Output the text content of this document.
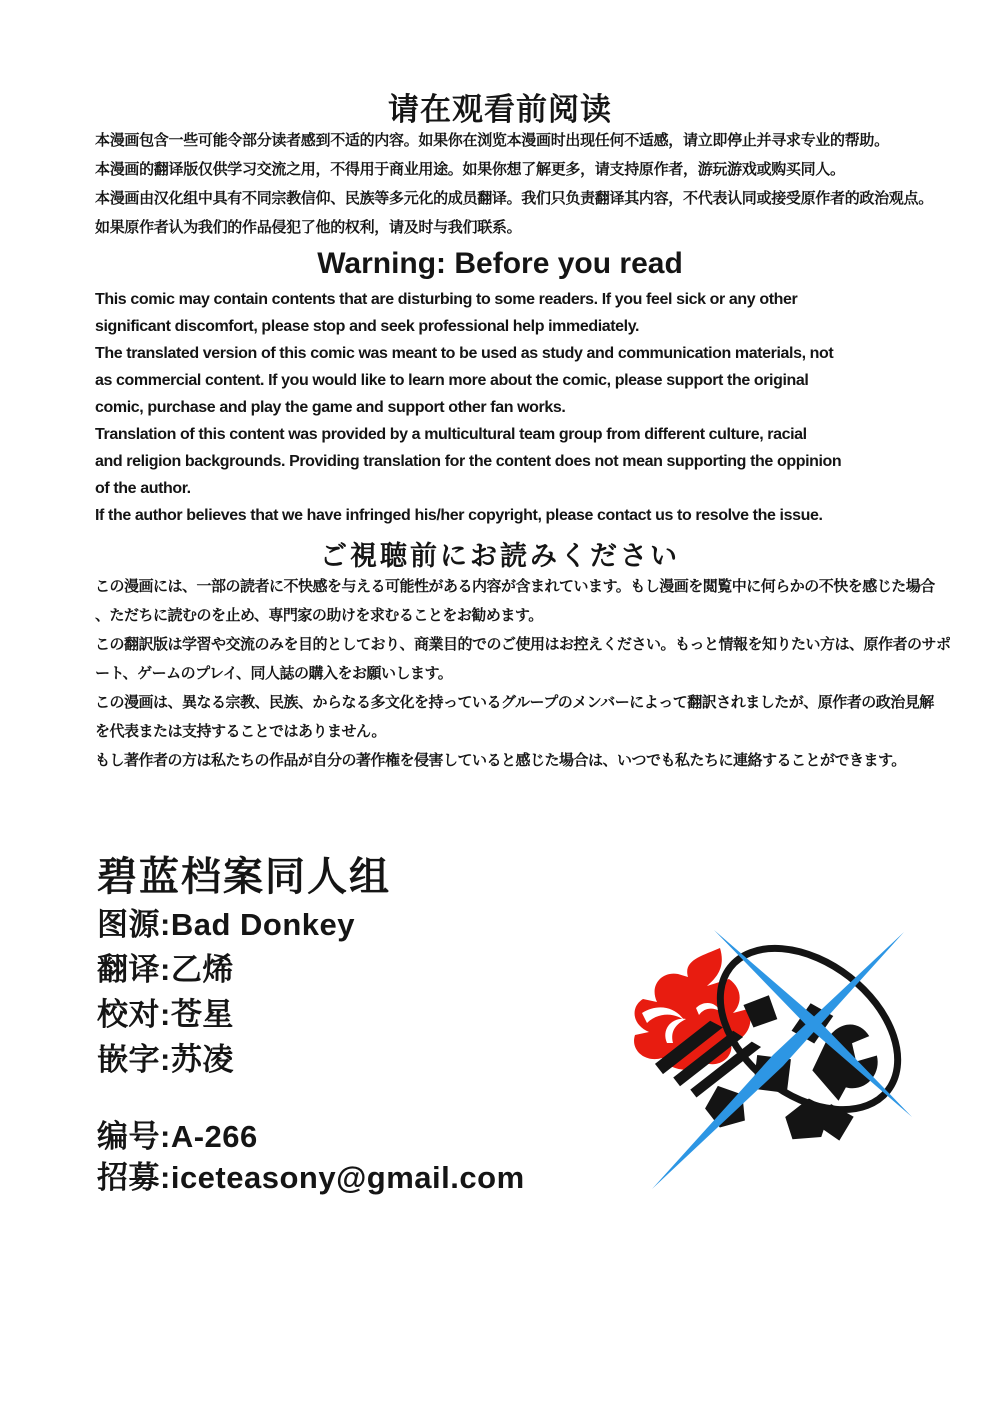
请在观看前阅读
本漫画包含一些可能令部分读者感到不适的内容。如果你在浏览本漫画时出现任何不适感，请立即停止并寻求专业的帮助。
本漫画的翻译版仅供学习交流之用，不得用于商业用途。如果你想了解更多，请支持原作者，游玩游戏或购买同人。
本漫画由汉化组中具有不同宗教信仰、民族等多元化的成员翻译。我们只负责翻译其内容，不代表认同或接受原作者的政治观点。
如果原作者认为我们的作品侵犯了他的权利，请及时与我们联系。
Warning: Before you read
This comic may contain contents that are disturbing to some readers. If you feel sick or any other
significant discomfort, please stop and seek professional help immediately.
The translated version of this comic was meant to be used as study and communication materials, not
as commercial content. If you would like to learn more about the comic, please support the original
comic, purchase and play the game and support other fan works.
Translation of this content was provided by a multicultural team group from different culture, racial
and religion backgrounds. Providing translation for the content does not mean supporting the oppinion
of the author.
If the author believes that we have infringed his/her copyright, please contact us to resolve the issue.
ご視聴前にお読みください
この漫画には、一部の読者に不快感を与える可能性がある内容が含まれています。もし漫画を閲覧中に何らかの不快を感じた場合
、ただちに読むのを止め、専門家の助けを求むることをお勧めます。
この翻訳版は学習や交流のみを目的としており、商業目的でのご使用はお控えください。もっと情報を知りたい方は、原作者のサポ
ート、ゲームのプレイ、同人誌の購入をお願いします。
この漫画は、異なる宗教、民族、からなる多文化を持っているグループのメンバーによって翻訳されましたが、原作者の政治見解
を代表または支持することではありません。
もし著作者の方は私たちの作品が自分の著作権を侵害していると感じた場合は、いつでも私たちに連絡することができます。
碧蓝档案同人组
图源:Bad Donkey
翻译:乙烯
校对:苍星
嵌字:苏凌
编号:A-266
招募:iceteasony@gmail.com
